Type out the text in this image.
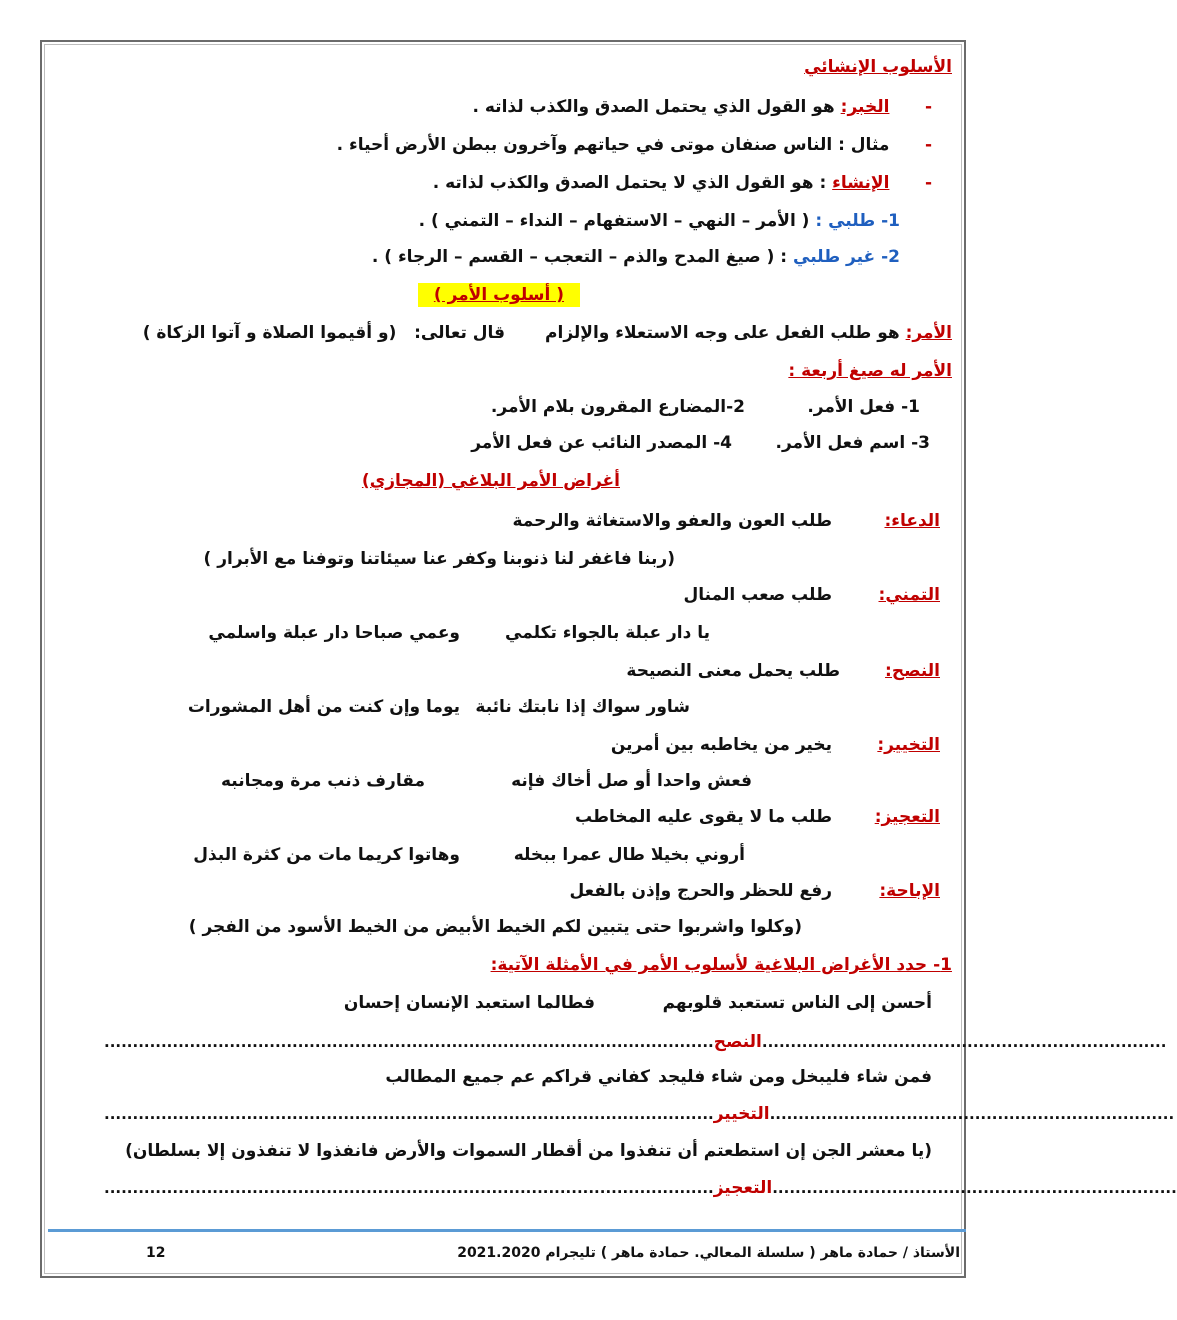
الأسلوب الإنشائي
-      الخبر: هو القول الذي يحتمل الصدق والكذب لذاته .
-      مثال : الناس صنفان موتى في حياتهم وآخرون ببطن الأرض أحياء .
-      الإنشاء : هو القول الذي لا يحتمل الصدق والكذب لذاته .
1- طلبي : ( الأمر – النهي – الاستفهام – النداء – التمني ) .
2- غير طلبي : ( صيغ المدح والذم – التعجب – القسم – الرجاء ) .
( أسلوب الأمر )
الأمر: هو طلب الفعل على وجه الاستعلاء والإلزامقال تعالى:   (و أقيموا الصلاة و آتوا الزكاة )
الأمر له صيغ أربعة :
1- فعل الأمر.
2-المضارع المقرون بلام الأمر.
3- اسم فعل الأمر.
4- المصدر النائب عن فعل الأمر
أغراض الأمر البلاغي (المجازي)
الدعاء:
طلب العون والعفو والاستغاثة والرحمة
(ربنا فاغفر لنا ذنوبنا وكفر عنا سيئاتنا وتوفنا مع الأبرار )
التمني:
طلب صعب المنال
يا دار عبلة بالجواء تكلمي
وعمي صباحا دار عبلة واسلمي
النصح:
طلب يحمل معنى النصيحة
شاور سواك إذا نابتك نائبة
يوما وإن كنت من أهل المشورات
التخيير:
يخير من يخاطبه بين أمرين
فعش واحدا أو صل أخاك فإنه
مقارف ذنب مرة ومجانبه
التعجيز:
طلب ما لا يقوى عليه المخاطب
أروني بخيلا طال عمرا ببخله
وهاتوا كريما مات من كثرة البذل
الإباحة:
رفع للحظر والحرج وإذن بالفعل
(وكلوا واشربوا حتى يتبين لكم الخيط الأبيض من الخيط الأسود من الفجر )
1- حدد الأغراض البلاغية لأسلوب الأمر في الأمثلة الآتية:
أحسن إلى الناس تستعبد قلوبهم
فطالما استعبد الإنسان إحسان
...........................................................................................................النصح.......................................................................
فمن شاء فليبخل ومن شاء فليجد
كفاني قراكم عم جميع المطالب
...........................................................................................................التخيير.......................................................................
(يا معشر الجن إن استطعتم أن تنفذوا من أقطار السموات والأرض فانفذوا لا تنفذون إلا بسلطان)
...........................................................................................................التعجيز.......................................................................
الأستاذ / حمادة ماهر ( سلسلة المعالي. حمادة ماهر ) تليجرام 2021.2020
12
